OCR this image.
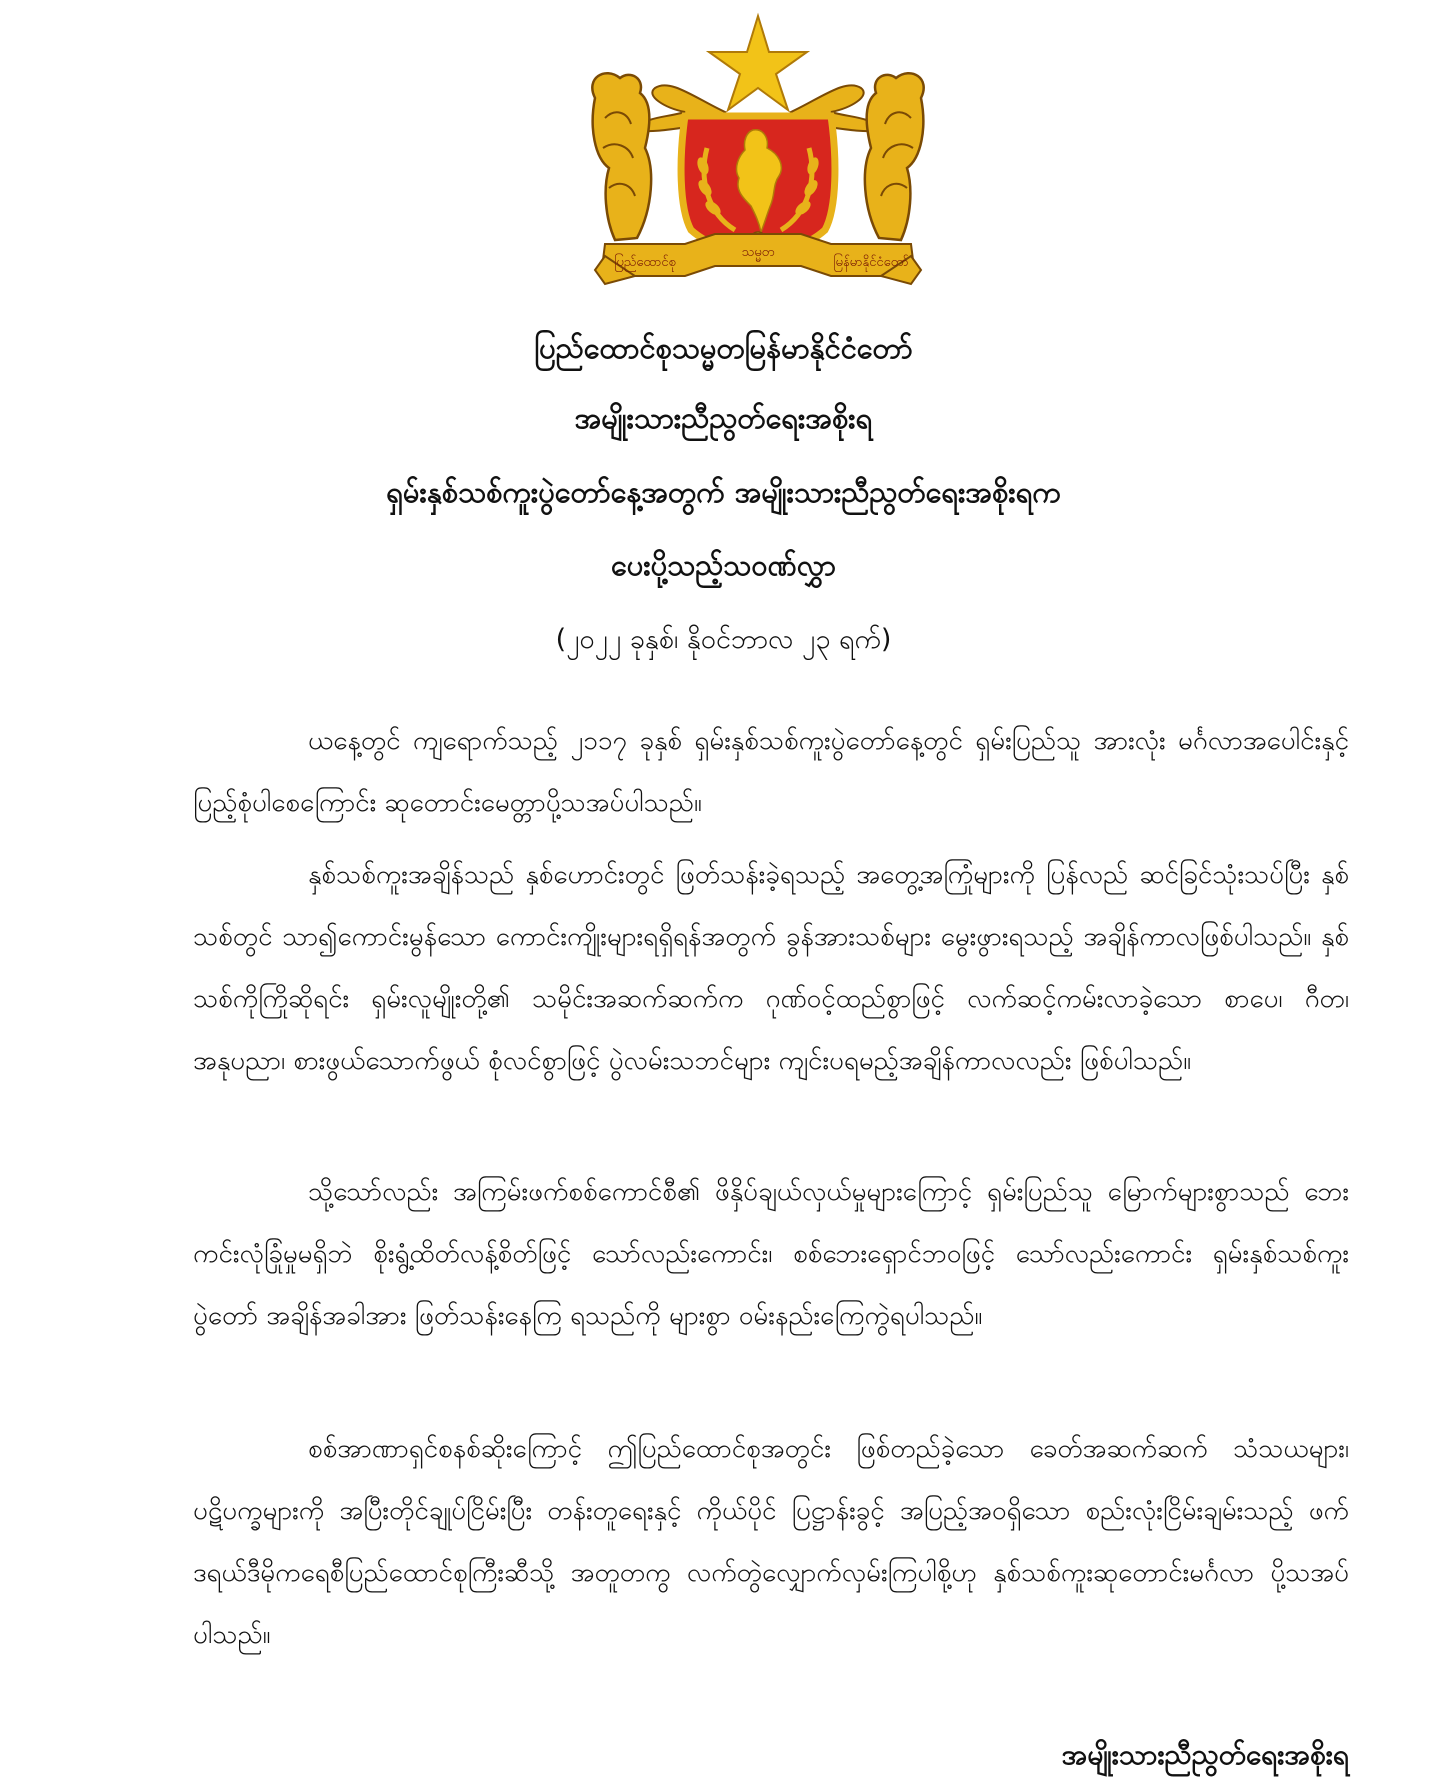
ပြည်ထောင်စု
သမ္မတ
မြန်မာနိုင်ငံတော်
ပြည်ထောင်စုသမ္မတမြန်မာနိုင်ငံတော်
အမျိုးသားညီညွတ်ရေးအစိုးရ
ရှမ်းနှစ်သစ်ကူးပွဲတော်နေ့အတွက် အမျိုးသားညီညွတ်ရေးအစိုးရက
ပေးပို့သည့်သဝဏ်လွှာ
(၂၀၂၂ ခုနှစ်၊ နိုဝင်ဘာလ ၂၃ ရက်)

ယနေ့တွင် ကျရောက်သည့် ၂၁၁၇ ခုနှစ် ရှမ်းနှစ်သစ်ကူးပွဲတော်နေ့တွင် ရှမ်းပြည်သူ အားလုံး မင်္ဂလာအပေါင်းနှင့် ပြည့်စုံပါစေကြောင်း ဆုတောင်းမေတ္တာပို့သအပ်ပါသည်။

နှစ်သစ်ကူးအချိန်သည် နှစ်ဟောင်းတွင် ဖြတ်သန်းခဲ့ရသည့် အတွေ့အကြုံများကို ပြန်လည် ဆင်ခြင်သုံးသပ်ပြီး နှစ်သစ်တွင် သာ၍ကောင်းမွန်သော ကောင်းကျိုးများရရှိရန်အတွက် ခွန်အားသစ်များ မွေးဖွားရသည့် အချိန်ကာလဖြစ်ပါသည်။ နှစ်သစ်ကိုကြိုဆိုရင်း ရှမ်းလူမျိုးတို့၏ သမိုင်းအဆက်ဆက်က ဂုဏ်ဝင့်ထည်စွာဖြင့် လက်ဆင့်ကမ်းလာခဲ့သော စာပေ၊ ဂီတ၊ အနုပညာ၊ စားဖွယ်သောက်ဖွယ် စုံလင်စွာဖြင့် ပွဲလမ်းသဘင်များ ကျင်းပရမည့်အချိန်ကာလလည်း ဖြစ်ပါသည်။

သို့သော်လည်း အကြမ်းဖက်စစ်ကောင်စီ၏ ဖိနှိပ်ချယ်လှယ်မှုများကြောင့် ရှမ်းပြည်သူ မြောက်များစွာသည် ဘေးကင်းလုံခြုံမှုမရှိဘဲ စိုးရွံ့ထိတ်လန့်စိတ်ဖြင့် သော်လည်းကောင်း၊ စစ်ဘေးရှောင်ဘဝဖြင့် သော်လည်းကောင်း ရှမ်းနှစ်သစ်ကူးပွဲတော် အချိန်အခါအား ဖြတ်သန်းနေကြ ရသည်ကို များစွာ ဝမ်းနည်းကြေကွဲရပါသည်။

စစ်အာဏာရှင်စနစ်ဆိုးကြောင့် ဤပြည်ထောင်စုအတွင်း ဖြစ်တည်ခဲ့သော ခေတ်အဆက်ဆက် သံသယများ၊ ပဋိပက္ခများကို အပြီးတိုင်ချုပ်ငြိမ်းပြီး တန်းတူရေးနှင့် ကိုယ်ပိုင် ပြဋ္ဌာန်းခွင့် အပြည့်အဝရှိသော စည်းလုံးငြိမ်းချမ်းသည့် ဖက်ဒရယ်ဒီမိုကရေစီပြည်ထောင်စုကြီးဆီသို့ အတူတကွ လက်တွဲလျှောက်လှမ်းကြပါစို့ဟု နှစ်သစ်ကူးဆုတောင်းမင်္ဂလာ ပို့သအပ်ပါသည်။

အမျိုးသားညီညွတ်ရေးအစိုးရ
